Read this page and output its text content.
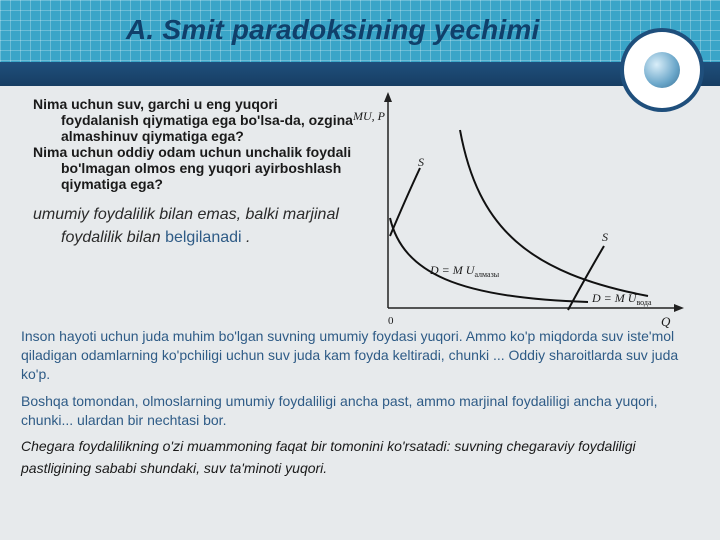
A. Smit paradoksining yechimi

Nima uchun suv, garchi u eng yuqori foydalanish qiymatiga ega bo'lsa-da, ozgina almashinuv qiymatiga ega?

Nima uchun oddiy odam uchun unchalik foydali bo'lmagan olmos eng yuqori ayirboshlash qiymatiga ega?

umumiy foydalilik bilan emas, balki marjinal foydalilik bilan belgilanadi .
MU, P
Q
0
S
D = M $U_{алмазы}$
D = M $U_{вода}$
S
Inson hayoti uchun juda muhim bo'lgan suvning umumiy foydasi yuqori. Ammo ko'p miqdorda suv iste'mol qiladigan odamlarning ko'pchiligi uchun suv juda kam foyda keltiradi, chunki ... Oddiy sharoitlarda suv juda ko'p.
Boshqa tomondan, olmoslarning umumiy foydaliligi ancha past, ammo marjinal foydaliligi ancha yuqori, chunki... ulardan bir nechtasi bor.
Chegara foydalilikning o'zi muammoning faqat bir tomonini ko'rsatadi: suvning chegaraviy foydaliligi pastligining sababi shundaki, suv ta'minoti yuqori.
